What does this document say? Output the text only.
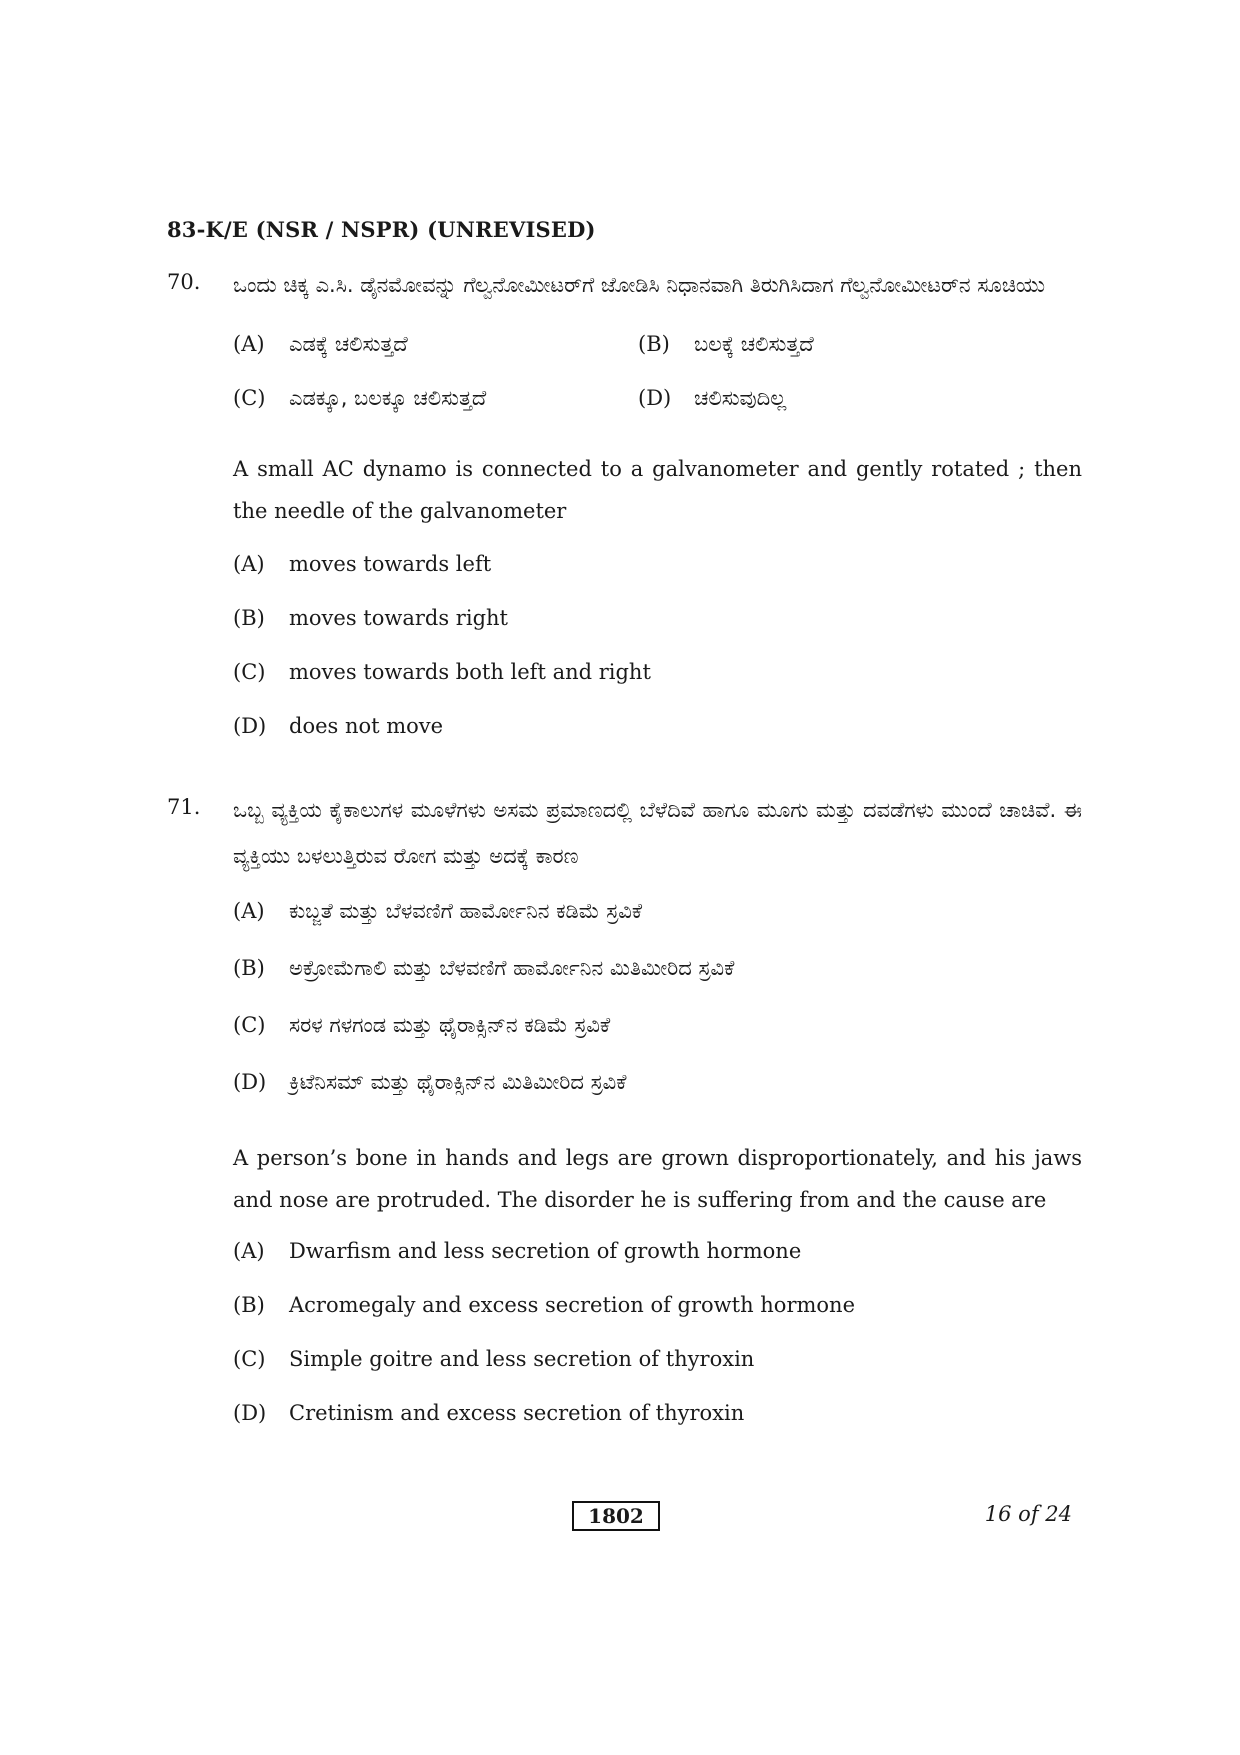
83-K/E (NSR / NSPR) (UNREVISED)
70. ಒಂದು ಚಿಕ್ಕ ಎ.ಸಿ. ಡೈನಮೋವನ್ನು ಗೆಲ್ವನೋಮೀಟರ್‌ಗೆ ಜೋಡಿಸಿ ನಿಧಾನವಾಗಿ ತಿರುಗಿಸಿದಾಗ ಗೆಲ್ವನೋಮೀಟರ್‌ನ ಸೂಚಿಯು
(A) ಎಡಕ್ಕೆ ಚಲಿಸುತ್ತದೆ	(B) ಬಲಕ್ಕೆ ಚಲಿಸುತ್ತದೆ
(C) ಎಡಕ್ಕೂ, ಬಲಕ್ಕೂ ಚಲಿಸುತ್ತದೆ	(D) ಚಲಿಸುವುದಿಲ್ಲ
A small AC dynamo is connected to a galvanometer and gently rotated ; then the needle of the galvanometer
(A)	moves towards left
(B)	moves towards right
(C)	moves towards both left and right
(D)	does not move
71. ಒಬ್ಬ ವ್ಯಕ್ತಿಯ ಕೈಕಾಲುಗಳ ಮೂಳೆಗಳು ಅಸಮ ಪ್ರಮಾಣದಲ್ಲಿ ಬೆಳೆದಿವೆ ಹಾಗೂ ಮೂಗು ಮತ್ತು ದವಡೆಗಳು ಮುಂದೆ ಚಾಚಿವೆ. ಈ ವ್ಯಕ್ತಿಯು ಬಳಲುತ್ತಿರುವ ರೋಗ ಮತ್ತು ಅದಕ್ಕೆ ಕಾರಣ
(A)	ಕುಬ್ಜತೆ ಮತ್ತು ಬೆಳವಣಿಗೆ ಹಾರ್ಮೋನಿನ ಕಡಿಮೆ ಸ್ರವಿಕೆ
(B)	ಅಕ್ರೋಮೆಗಾಲಿ ಮತ್ತು ಬೆಳವಣಿಗೆ ಹಾರ್ಮೋನಿನ ಮಿತಿಮೀರಿದ ಸ್ರವಿಕೆ
(C)	ಸರಳ ಗಳಗಂಡ ಮತ್ತು ಥೈರಾಕ್ಸಿನ್‌ನ ಕಡಿಮೆ ಸ್ರವಿಕೆ
(D)	ಕ್ರಿಟೆನಿಸಮ್ ಮತ್ತು ಥೈರಾಕ್ಸಿನ್‌ನ ಮಿತಿಮೀರಿದ ಸ್ರವಿಕೆ
A person’s bone in hands and legs are grown disproportionately, and his jaws and nose are protruded. The disorder he is suffering from and the cause are
(A)	Dwarfism and less secretion of growth hormone
(B)	Acromegaly and excess secretion of growth hormone
(C)	Simple goitre and less secretion of thyroxin
(D)	Cretinism and excess secretion of thyroxin
1802	16 of 24
